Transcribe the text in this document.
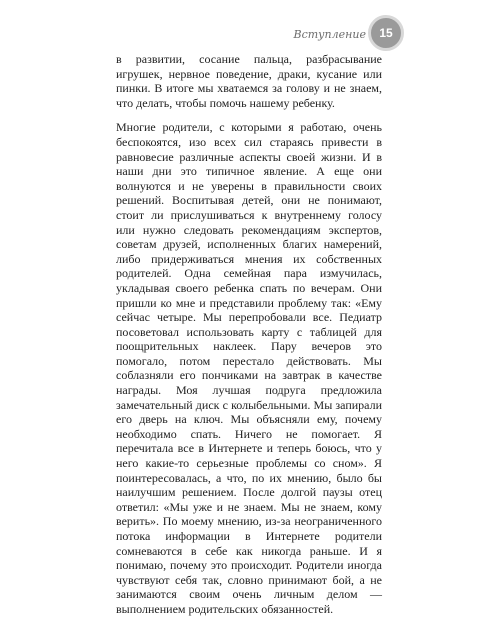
Вступление 15

в развитии, сосание пальца, разбрасывание игрушек, нервное поведение, драки, кусание или пинки. В итоге мы хватаемся за голову и не знаем, что делать, чтобы помочь нашему ребенку.

Многие родители, с которыми я работаю, очень беспокоятся, изо всех сил стараясь привести в равновесие различные аспекты своей жизни. И в наши дни это типичное явление. А еще они волнуются и не уверены в правильности своих решений. Воспитывая детей, они не понимают, стоит ли прислушиваться к внутреннему голосу или нужно следовать рекомендациям экспертов, советам друзей, исполненных благих намерений, либо придерживаться мнения их собственных родителей. Одна семейная пара измучилась, укладывая своего ребенка спать по вечерам. Они пришли ко мне и представили проблему так: «Ему сейчас четыре. Мы перепробовали все. Педиатр посоветовал использовать карту с таблицей для поощрительных наклеек. Пару вечеров это помогало, потом перестало действовать. Мы соблазняли его пончиками на завтрак в качестве награды. Моя лучшая подруга предложила замечательный диск с колыбельными. Мы запирали его дверь на ключ. Мы объясняли ему, почему необходимо спать. Ничего не помогает. Я перечитала все в Интернете и теперь боюсь, что у него какие-то серьезные проблемы со сном». Я поинтересовалась, а что, по их мнению, было бы наилучшим решением. После долгой паузы отец ответил: «Мы уже и не знаем. Мы не знаем, кому верить». По моему мнению, из-за неограниченного потока информации в Интернете родители сомневаются в себе как никогда раньше. И я понимаю, почему это происходит. Родители иногда чувствуют себя так, словно принимают бой, а не занимаются своим очень личным делом — выполнением родительских обязанностей.
